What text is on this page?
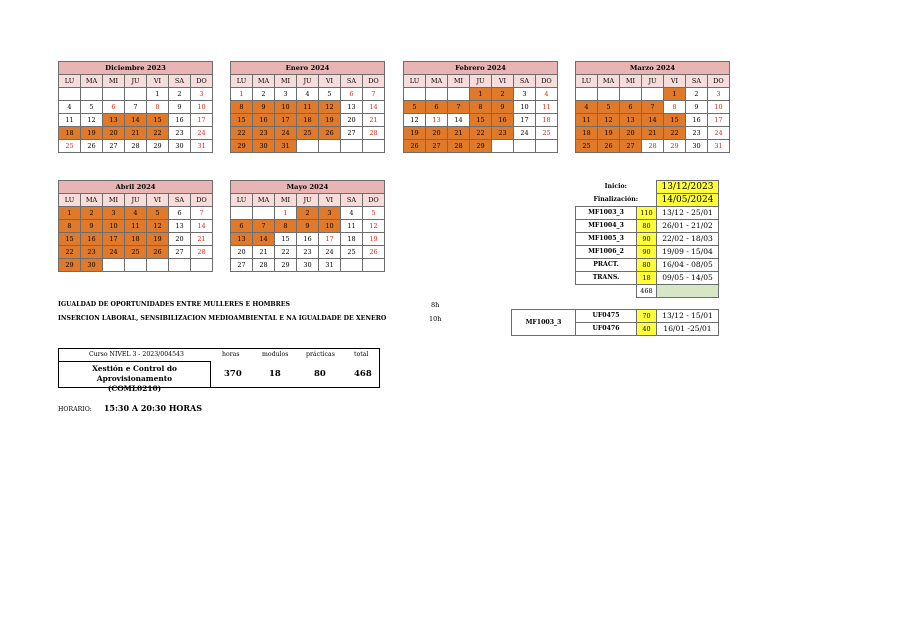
Diciembre 2023						
LU	MA	MI	JU	VI	SA	DO
				1	2	3
4	5	6	7	8	9	10
11	12	13	14	15	16	17
18	19	20	21	22	23	24
25	26	27	28	29	30	31
Enero 2024						
LU	MA	MI	JU	VI	SA	DO
1	2	3	4	5	6	7
8	9	10	11	12	13	14
15	16	17	18	19	20	21
22	23	24	25	26	27	28
29	30	31				
Febrero 2024						
LU	MA	MI	JU	VI	SA	DO
			1	2	3	4
5	6	7	8	9	10	11
12	13	14	15	16	17	18
19	20	21	22	23	24	25
26	27	28	29			
Marzo 2024						
LU	MA	MI	JU	VI	SA	DO
				1	2	3
4	5	6	7	8	9	10
11	12	13	14	15	16	17
18	19	20	21	22	23	24
25	26	27	28	29	30	31
Abril 2024						
LU	MA	MI	JU	VI	SA	DO
1	2	3	4	5	6	7
8	9	10	11	12	13	14
15	16	17	18	19	20	21
22	23	24	25	26	27	28
29	30					
Mayo 2024						
LU	MA	MI	JU	VI	SA	DO
		1	2	3	4	5
6	7	8	9	10	11	12
13	14	15	16	17	18	19
20	21	22	23	24	25	26
27	28	29	30	31		
Inicio:		13/12/2023
Finalización:		14/05/2024
MF1003_3	110	13/12 - 25/01
MF1004_3	80	26/01 - 21/02
MF1005_3	90	22/02 - 18/03
MF1006_2	90	19/09 - 15/04
PRACT.	80	16/04 - 08/05
TRANS.	18	09/05 - 14/05
	468	
IGUALDAD DE OPORTUNIDADES ENTRE MULLERES E HOMBRES	8h
INSERCION LABORAL, SENSIBILIZACION MEDIOAMBIENTAL E NA IGUALDADE DE XENERO	10h	MF1003_3	UF0475	70	13/12 - 15/01
	UF0476	40	16/01 -25/01
Curso NIVEL 3 - 2023/004543	horas	modulos	prácticas	total
Xestión e Control do Aprovisionamento
(COML0210)
370	18	80	468
HORARIO: 15:30 A 20:30 HORAS
